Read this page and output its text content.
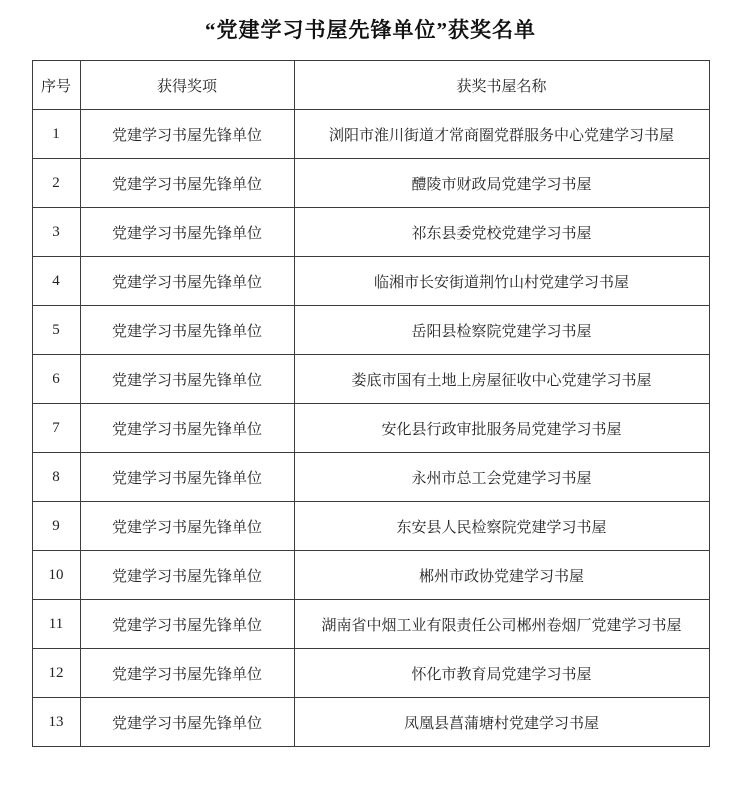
“党建学习书屋先锋单位”获奖名单
序号	获得奖项	获奖书屋名称
1	党建学习书屋先锋单位	浏阳市淮川街道才常商圈党群服务中心党建学习书屋
2	党建学习书屋先锋单位	醴陵市财政局党建学习书屋
3	党建学习书屋先锋单位	祁东县委党校党建学习书屋
4	党建学习书屋先锋单位	临湘市长安街道荆竹山村党建学习书屋
5	党建学习书屋先锋单位	岳阳县检察院党建学习书屋
6	党建学习书屋先锋单位	娄底市国有土地上房屋征收中心党建学习书屋
7	党建学习书屋先锋单位	安化县行政审批服务局党建学习书屋
8	党建学习书屋先锋单位	永州市总工会党建学习书屋
9	党建学习书屋先锋单位	东安县人民检察院党建学习书屋
10	党建学习书屋先锋单位	郴州市政协党建学习书屋
11	党建学习书屋先锋单位	湖南省中烟工业有限责任公司郴州卷烟厂党建学习书屋
12	党建学习书屋先锋单位	怀化市教育局党建学习书屋
13	党建学习书屋先锋单位	凤凰县菖蒲塘村党建学习书屋
